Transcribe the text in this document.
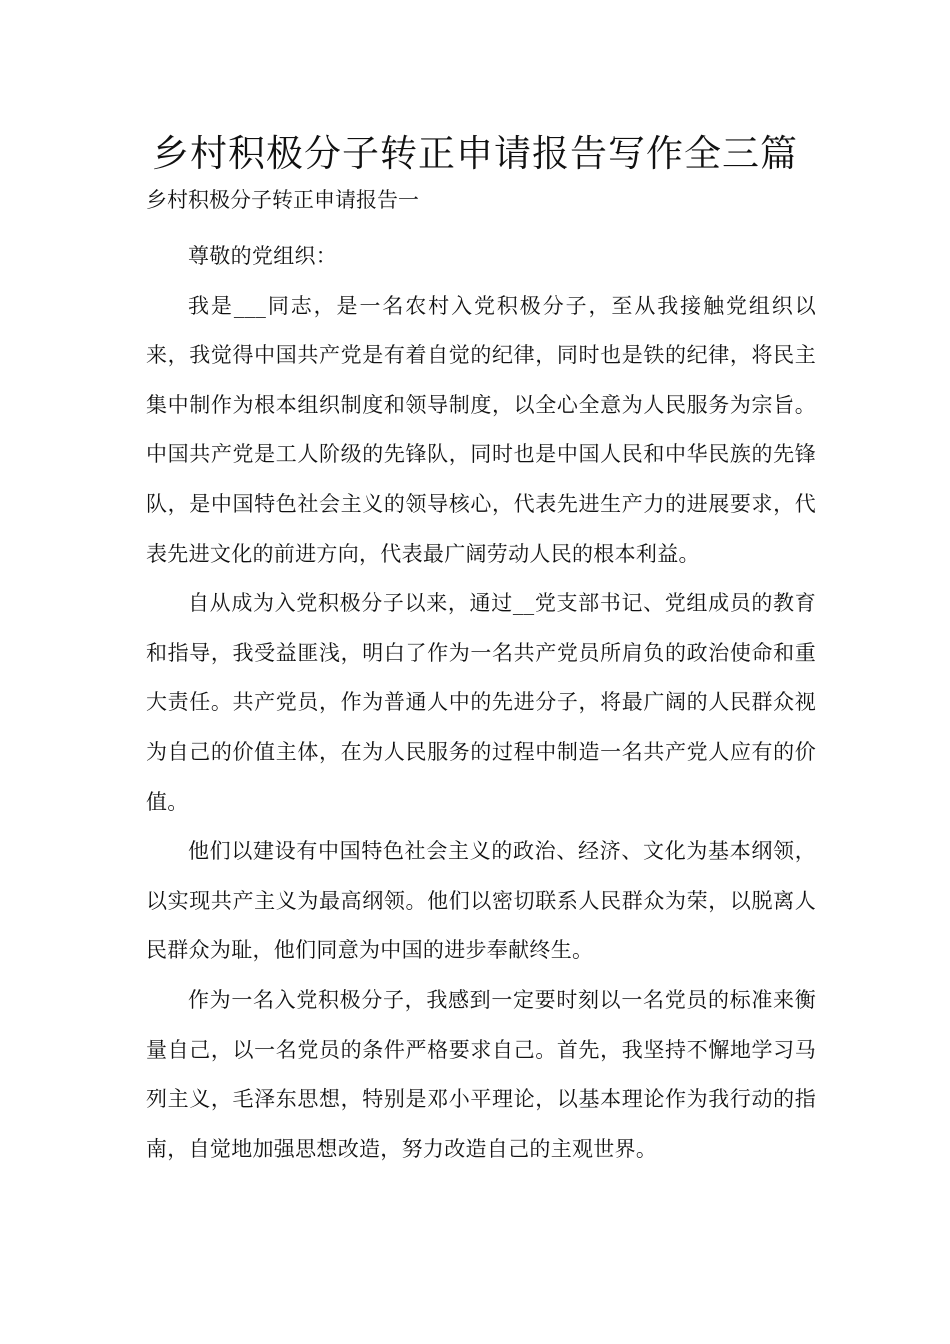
乡村积极分子转正申请报告写作全三篇
乡村积极分子转正申请报告一

尊敬的党组织：

我是___同志，是一名农村入党积极分子，至从我接触党组织以来，我觉得中国共产党是有着自觉的纪律，同时也是铁的纪律，将民主集中制作为根本组织制度和领导制度，以全心全意为人民服务为宗旨。中国共产党是工人阶级的先锋队，同时也是中国人民和中华民族的先锋队，是中国特色社会主义的领导核心，代表先进生产力的进展要求，代表先进文化的前进方向，代表最广阔劳动人民的根本利益。

自从成为入党积极分子以来，通过__党支部书记、党组成员的教育和指导，我受益匪浅，明白了作为一名共产党员所肩负的政治使命和重大责任。共产党员，作为普通人中的先进分子，将最广阔的人民群众视为自己的价值主体，在为人民服务的过程中制造一名共产党人应有的价值。

他们以建设有中国特色社会主义的政治、经济、文化为基本纲领，以实现共产主义为最高纲领。他们以密切联系人民群众为荣，以脱离人民群众为耻，他们同意为中国的进步奉献终生。

作为一名入党积极分子，我感到一定要时刻以一名党员的标准来衡量自己，以一名党员的条件严格要求自己。首先，我坚持不懈地学习马列主义，毛泽东思想，特别是邓小平理论，以基本理论作为我行动的指南，自觉地加强思想改造，努力改造自己的主观世界。
